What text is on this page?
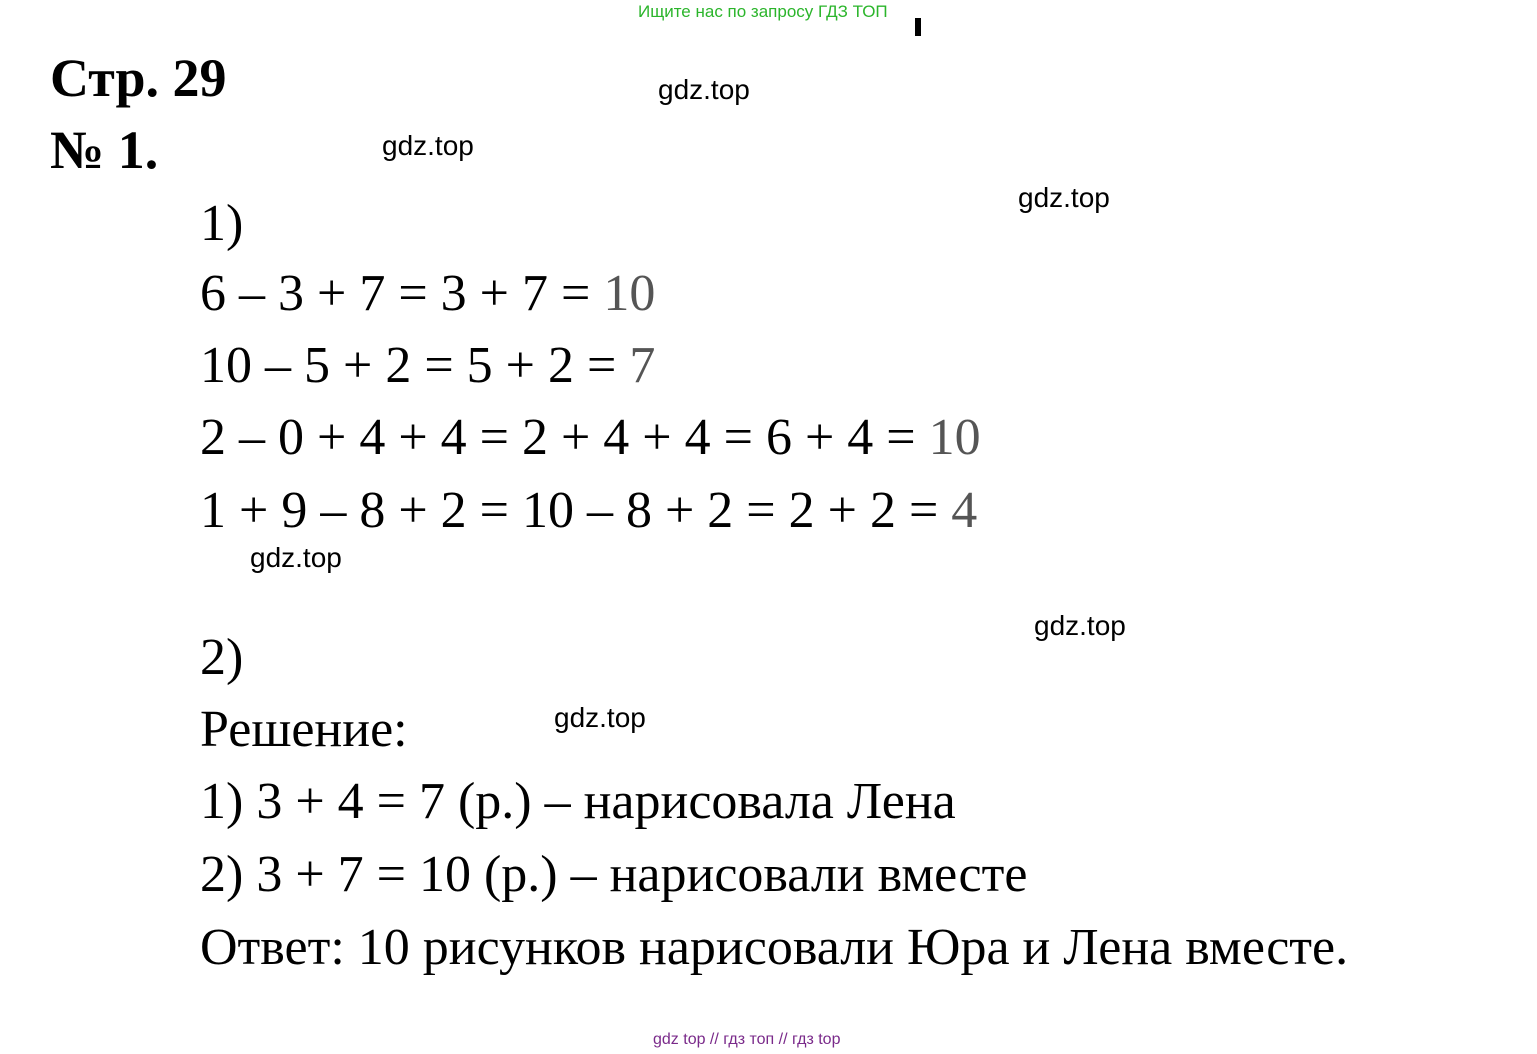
Ищите нас по запросу ГДЗ ТОП
Стр. 29
№ 1.
gdz.top
gdz.top
gdz.top
gdz.top
gdz.top
gdz.top
1)
6 – 3 + 7 = 3 + 7 = 10
10 – 5 + 2 = 5 + 2 = 7
2 – 0 + 4 + 4 = 2 + 4 + 4 = 6 + 4 = 10
1 + 9 – 8 + 2 = 10 – 8 + 2 = 2 + 2 = 4
2)
Решение:
1) 3 + 4 = 7 (р.) – нарисовала Лена
2) 3 + 7 = 10 (р.) – нарисовали вместе
Ответ: 10 рисунков нарисовали Юра и Лена вместе.
gdz top // гдз топ // гдз top
